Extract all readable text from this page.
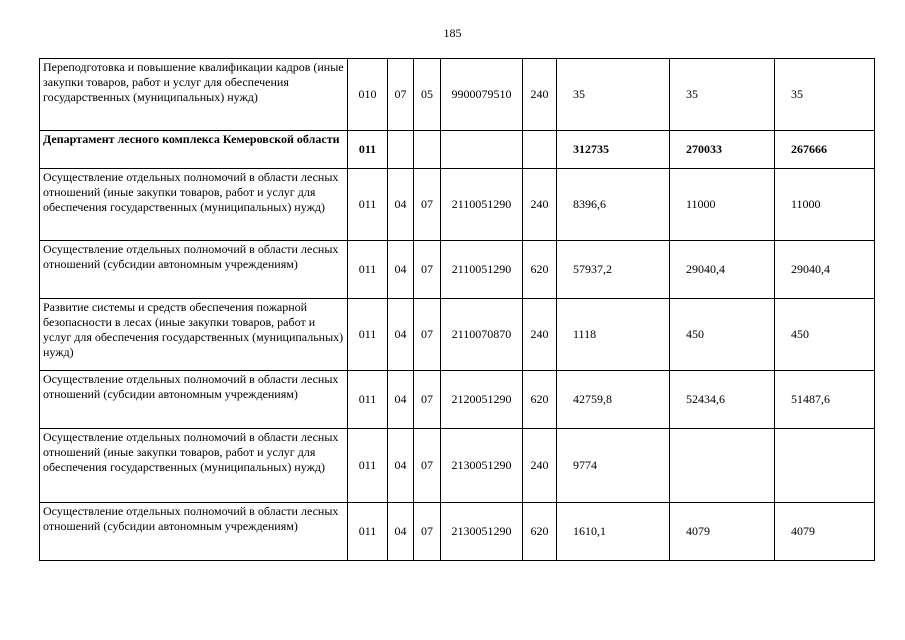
185
Переподготовка и повышение квалификации кадров (иные закупки товаров, работ и услуг для обеспечения государственных (муниципальных) нужд)	010	07	05	9900079510	240	35	35	35
Департамент лесного комплекса Кемеровской области	011					312735	270033	267666
Осуществление отдельных полномочий в области лесных отношений (иные закупки товаров, работ и услуг для обеспечения государственных (муниципальных) нужд)	011	04	07	2110051290	240	8396,6	11000	11000
Осуществление отдельных полномочий в области лесных отношений (субсидии автономным учреждениям)	011	04	07	2110051290	620	57937,2	29040,4	29040,4
Развитие системы и средств обеспечения пожарной безопасности в лесах (иные закупки товаров, работ и услуг для обеспечения государственных (муниципальных) нужд)	011	04	07	2110070870	240	1118	450	450
Осуществление отдельных полномочий в области лесных отношений (субсидии автономным учреждениям)	011	04	07	2120051290	620	42759,8	52434,6	51487,6
Осуществление отдельных полномочий в области лесных отношений (иные закупки товаров, работ и услуг для обеспечения государственных (муниципальных) нужд)	011	04	07	2130051290	240	9774		
Осуществление отдельных полномочий в области лесных отношений (субсидии автономным учреждениям)	011	04	07	2130051290	620	1610,1	4079	4079
